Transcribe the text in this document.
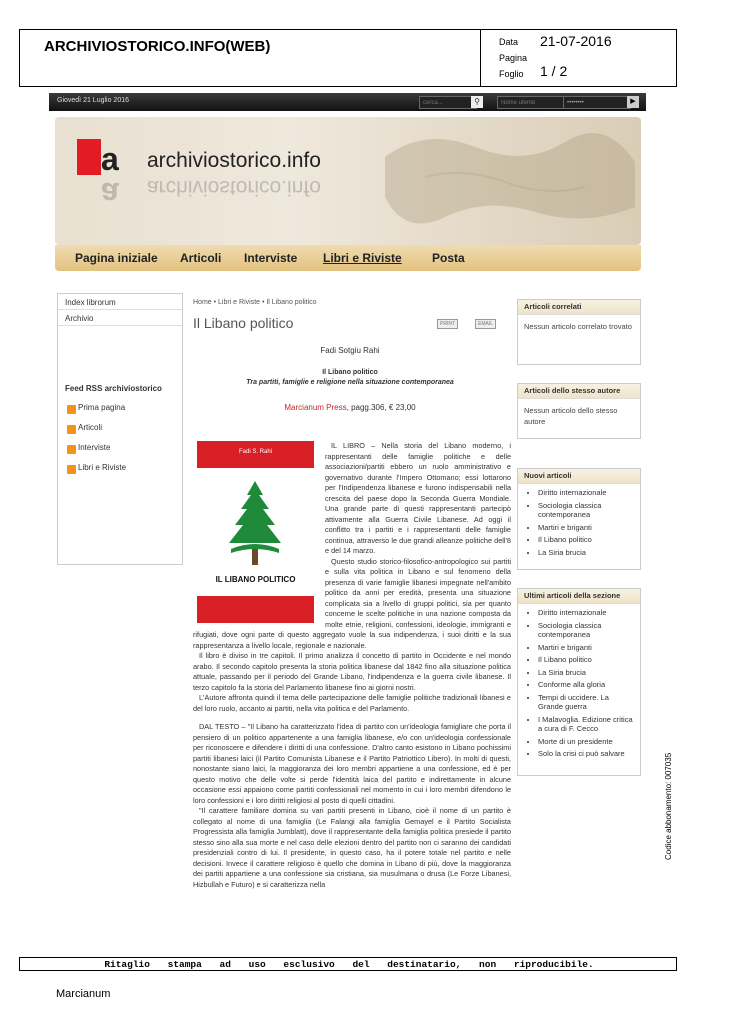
ARCHIVIOSTORICO.INFO(WEB)	Data 21-07-2016
Pagina
Foglio 1 / 2
Giovedì 21 Luglio 2016
cerca...	⚲
Nome utente
••••••••	▶
a archiviostorico.info
a archiviostorico.info
Pagina iniziale Articoli Interviste Libri e Riviste	Posta
Index librorum
Archivio
Feed RSS archiviostorico
Prima pagina
Articoli
Interviste
Libri e Riviste
Home • Libri e Riviste • Il Libano politico
Il Libano politico	PRINT	EMAIL
Fadi Sotgiu Rahi
Il Libano politico
Tra partiti, famiglie e religione nella situazione contemporanea
Marcianum Press, pagg.306, € 23,00

IL LIBRO – Nella storia del Libano moderno, i rappresentanti delle famiglie politiche e delle associazioni/partiti ebbero un ruolo amministrativo e governativo durante l'Impero Ottomano; essi lottarono per l'Indipendenza libanese e furono indispensabili nella crescita del paese dopo la Seconda Guerra Mondiale. Una grande parte di questi rappresentanti partecipò attivamente alla Guerra Civile Libanese. Ad oggi il conflitto tra i partiti e i rappresentanti delle famiglie continua, attraverso le due grandi alleanze politiche dell'8 e del 14 marzo.

Questo studio storico-filosofico-antropologico sui partiti e sulla vita politica in Libano e sul fenomeno della presenza di varie famiglie libanesi impegnate nell'ambito politico da anni per eredità, presenta una situazione complicata sia a livello di gruppi politici, sia per quanto concerne le scelte politiche in una nazione composta da molte etnie, religioni, confessioni, ideologie, immigranti e rifugiati, dove ogni parte di questo aggregato vuole la sua indipendenza, i suoi diritti e la sua rappresentanza a livello locale, regionale e nazionale.

Il libro è diviso in tre capitoli. Il primo analizza il concetto di partito in Occidente e nel mondo arabo. Il secondo capitolo presenta la storia politica libanese dal 1842 fino alla situazione politica attuale, passando per il periodo del Grande Libano, l'indipendenza e la guerra civile libanese. Il terzo capitolo fa la storia del Parlamento libanese fino ai giorni nostri.

L'Autore affronta quindi il tema delle partecipazione delle famiglie politiche tradizionali libanesi e del loro ruolo, accanto ai partiti, nella vita politica e del Parlamento.

DAL TESTO – "Il Libano ha caratterizzato l'idea di partito con un'ideologia famigliare che porta il pensiero di un politico appartenente a una famiglia libanese, e/o con un'ideologia confessionale per riconoscere e difendere i diritti di una confessione. D'altro canto esistono in Libano pochissimi partiti libanesi laici (il Partito Comunista Libanese e il Partito Patriottico Libero). In molti di questi, nonostante siano laici, la maggioranza dei loro membri appartiene a una confessione, ed è per questo motivo che delle volte si perde l'identità laica del partito e indirettamente in alcune occasione essi appaiono come partiti confessionali nel momento in cui i loro membri difendono le loro confessioni e i loro diritti religiosi al posto di quelli cittadini.

"Il carattere familiare domina su vari partiti presenti in Libano, cioè il nome di un partito è collegato al nome di una famiglia (Le Falangi alla famiglia Gemayel e il Partito Socialista Progressista alla famiglia Jumblatt), dove il rappresentante della famiglia politica presiede il partito stesso sino alla sua morte e nel caso delle elezioni dentro del partito non ci saranno dei candidati presidenziali contro di lui. Il presidente, in questo caso, ha il potere totale nel partito e nelle decisioni. Invece il carattere religioso è quello che domina in Libano di più, dove la maggioranza dei partiti appartiene a una confessione sia cristiana, sia musulmana o drusa (Le Forze Libanesi, Hizbullah e Futuro) e si caratterizza nella

Fadi S. Rahi
IL LIBANO POLITICO
Articoli correlati
Nessun articolo correlato trovato
Articoli dello stesso autore
Nessun articolo dello stesso autore
Nuovi articoli
• Diritto internazionale
• Sociologia classica contemporanea
• Martiri e briganti
• Il Libano politico
• La Siria brucia
Ultimi articoli della sezione
• Diritto internazionale
• Sociologia classica contemporanea
• Martiri e briganti
• Il Libano politico
• La Siria brucia
• Conforme alla gloria
• Tempi di uccidere. La Grande guerra
• I Malavoglia. Edizione critica a cura di F. Cecco
• Morte di un presidente
• Solo la crisi ci può salvare
Ritaglio stampa ad uso esclusivo del destinatario, non riproducibile.
Codice abbonamento: 007035
Marcianum
